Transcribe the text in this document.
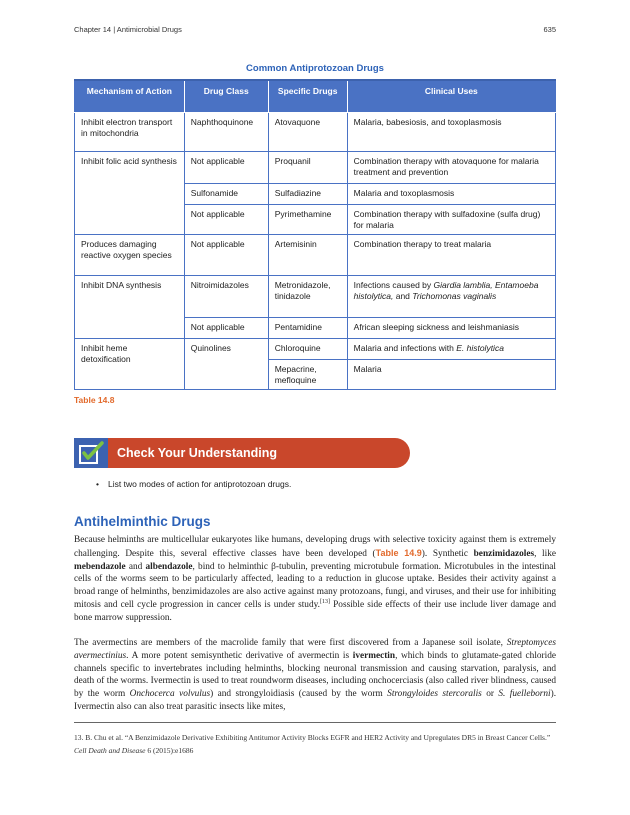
Chapter 14 | Antimicrobial Drugs	635
Common Antiprotozoan Drugs
Mechanism of Action	Drug Class	Specific Drugs	Clinical Uses
Inhibit electron transport in mitochondria	Naphthoquinone	Atovaquone	Malaria, babesiosis, and toxoplasmosis
Inhibit folic acid synthesis	Not applicable	Proquanil	Combination therapy with atovaquone for malaria treatment and prevention
	Sulfonamide	Sulfadiazine	Malaria and toxoplasmosis
	Not applicable	Pyrimethamine	Combination therapy with sulfadoxine (sulfa drug) for malaria
Produces damaging reactive oxygen species	Not applicable	Artemisinin	Combination therapy to treat malaria
Inhibit DNA synthesis	Nitroimidazoles	Metronidazole, tinidazole	Infections caused by Giardia lamblia, Entamoeba histolytica, and Trichomonas vaginalis
	Not applicable	Pentamidine	African sleeping sickness and leishmaniasis
Inhibit heme detoxification	Quinolines	Chloroquine	Malaria and infections with E. histolytica
		Mepacrine, mefloquine	Malaria
Table 14.8
Check Your Understanding
• List two modes of action for antiprotozoan drugs.
Antihelminthic Drugs

Because helminths are multicellular eukaryotes like humans, developing drugs with selective toxicity against them is extremely challenging. Despite this, several effective classes have been developed (Table 14.9). Synthetic benzimidazoles, like mebendazole and albendazole, bind to helminthic β-tubulin, preventing microtubule formation. Microtubules in the intestinal cells of the worms seem to be particularly affected, leading to a reduction in glucose uptake. Besides their activity against a broad range of helminths, benzimidazoles are also active against many protozoans, fungi, and viruses, and their use for inhibiting mitosis and cell cycle progression in cancer cells is under study.[13] Possible side effects of their use include liver damage and bone marrow suppression.

The avermectins are members of the macrolide family that were first discovered from a Japanese soil isolate, Streptomyces avermectinius. A more potent semisynthetic derivative of avermectin is ivermectin, which binds to glutamate-gated chloride channels specific to invertebrates including helminths, blocking neuronal transmission and causing starvation, paralysis, and death of the worms. Ivermectin is used to treat roundworm diseases, including onchocerciasis (also called river blindness, caused by the worm Onchocerca volvulus) and strongyloidiasis (caused by the worm Strongyloides stercoralis or S. fuelleborni). Ivermectin also can also treat parasitic insects like mites,

13. B. Chu et al. “A Benzimidazole Derivative Exhibiting Antitumor Activity Blocks EGFR and HER2 Activity and Upregulates DR5 in Breast Cancer Cells.” Cell Death and Disease 6 (2015):e1686
